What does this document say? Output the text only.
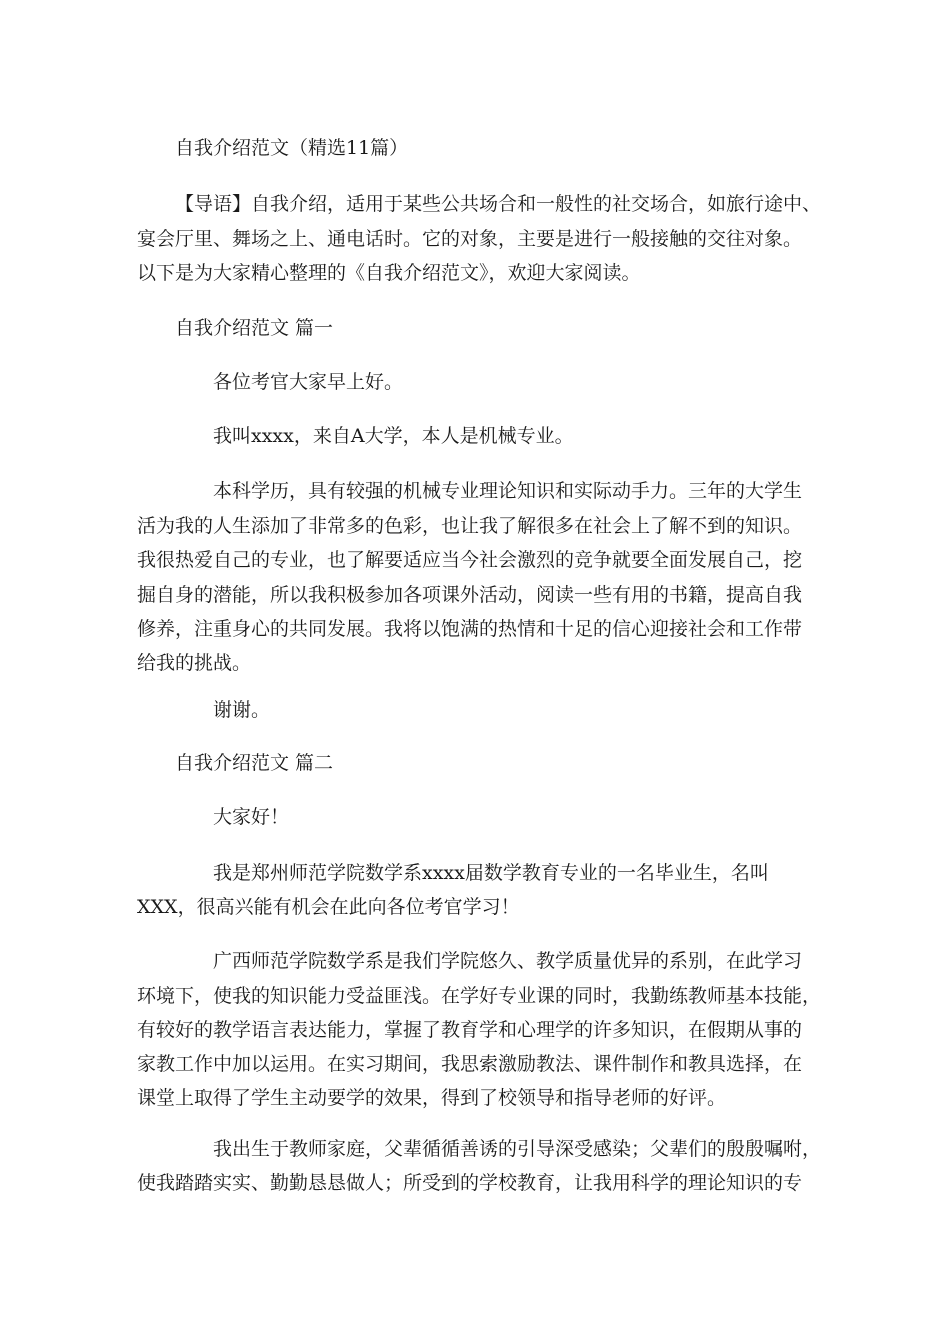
自我介绍范文（精选11篇）

【导语】自我介绍，适用于某些公共场合和一般性的社交场合，如旅行途中、

宴会厅里、舞场之上、通电话时。它的对象，主要是进行一般接触的交往对象。

以下是为大家精心整理的《自我介绍范文》，欢迎大家阅读。

自我介绍范文 篇一

各位考官大家早上好。

我叫xxxx，来自A大学，本人是机械专业。

本科学历，具有较强的机械专业理论知识和实际动手力。三年的大学生

活为我的人生添加了非常多的色彩，也让我了解很多在社会上了解不到的知识。

我很热爱自己的专业，也了解要适应当今社会激烈的竞争就要全面发展自己，挖

掘自身的潜能，所以我积极参加各项课外活动，阅读一些有用的书籍，提高自我

修养，注重身心的共同发展。我将以饱满的热情和十足的信心迎接社会和工作带

给我的挑战。

谢谢。

自我介绍范文 篇二

大家好！

我是郑州师范学院数学系xxxx届数学教育专业的一名毕业生，名叫

XXX，很高兴能有机会在此向各位考官学习！

广西师范学院数学系是我们学院悠久、教学质量优异的系别，在此学习

环境下，使我的知识能力受益匪浅。在学好专业课的同时，我勤练教师基本技能，

有较好的教学语言表达能力，掌握了教育学和心理学的许多知识，在假期从事的

家教工作中加以运用。在实习期间，我思索激励教法、课件制作和教具选择，在

课堂上取得了学生主动要学的效果，得到了校领导和指导老师的好评。

我出生于教师家庭，父辈循循善诱的引导深受感染；父辈们的殷殷嘱咐，

使我踏踏实实、勤勤恳恳做人；所受到的学校教育，让我用科学的理论知识的专
